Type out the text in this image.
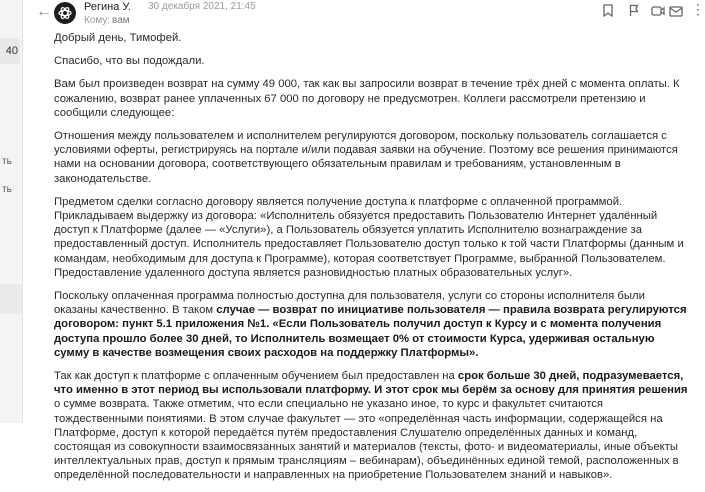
40
ть
ть
←	Регина У. 30 декабря 2021, 21:45
Кому: вам
⋮

Добрый день, Тимофей.

Спасибо, что вы подождали.

Вам был произведен возврат на сумму 49 000, так как вы запросили возврат в течение трёх дней с момента оплаты. К сожалению, возврат ранее уплаченных 67 000 по договору не предусмотрен. Коллеги рассмотрели претензию и сообщили следующее:

Отношения между пользователем и исполнителем регулируются договором, поскольку пользователь соглашается с условиями оферты, регистрируясь на портале и/или подавая заявки на обучение. Поэтому все решения принимаются нами на основании договора, соответствующего обязательным правилам и требованиям, установленным в законодательстве.

Предметом сделки согласно договору является получение доступа к платформе с оплаченной программой. Прикладываем выдержку из договора: «Исполнитель обязуется предоставить Пользователю Интернет удалённый доступ к Платформе (далее — «Услуги»), а Пользователь обязуется уплатить Исполнителю вознаграждение за предоставленный доступ. Исполнитель предоставляет Пользователю доступ только к той части Платформы (данным и командам, необходимым для доступа к Программе), которая соответствует Программе, выбранной Пользователем. Предоставление удаленного доступа является разновидностью платных образовательных услуг».

Поскольку оплаченная программа полностью доступна для пользователя, услуги со стороны исполнителя были оказаны качественно. В таком случае — возврат по инициативе пользователя — правила возврата регулируются договором: пункт 5.1 приложения №1. «Если Пользователь получил доступ к Курсу и с момента получения доступа прошло более 30 дней, то Исполнитель возмещает 0% от стоимости Курса, удерживая остальную сумму в качестве возмещения своих расходов на поддержку Платформы».

Так как доступ к платформе с оплаченным обучением был предоставлен на срок больше 30 дней, подразумевается, что именно в этот период вы использовали платформу. И этот срок мы берём за основу для принятия решения о сумме возврата. Также отметим, что если специально не указано иное, то курс и факультет считаются тождественными понятиями. В этом случае факультет — это «определённая часть информации, содержащейся на Платформе, доступ к которой передаётся путём предоставления Слушателю определённых данных и команд, состоящая из совокупности взаимосвязанных занятий и материалов (тексты, фото- и видеоматериалы, иные объекты интеллектуальных прав, доступ к прямым трансляциям – вебинарам), объединённых единой темой, расположенных в определённой последовательности и направленных на приобретение Пользователем знаний и навыков».
